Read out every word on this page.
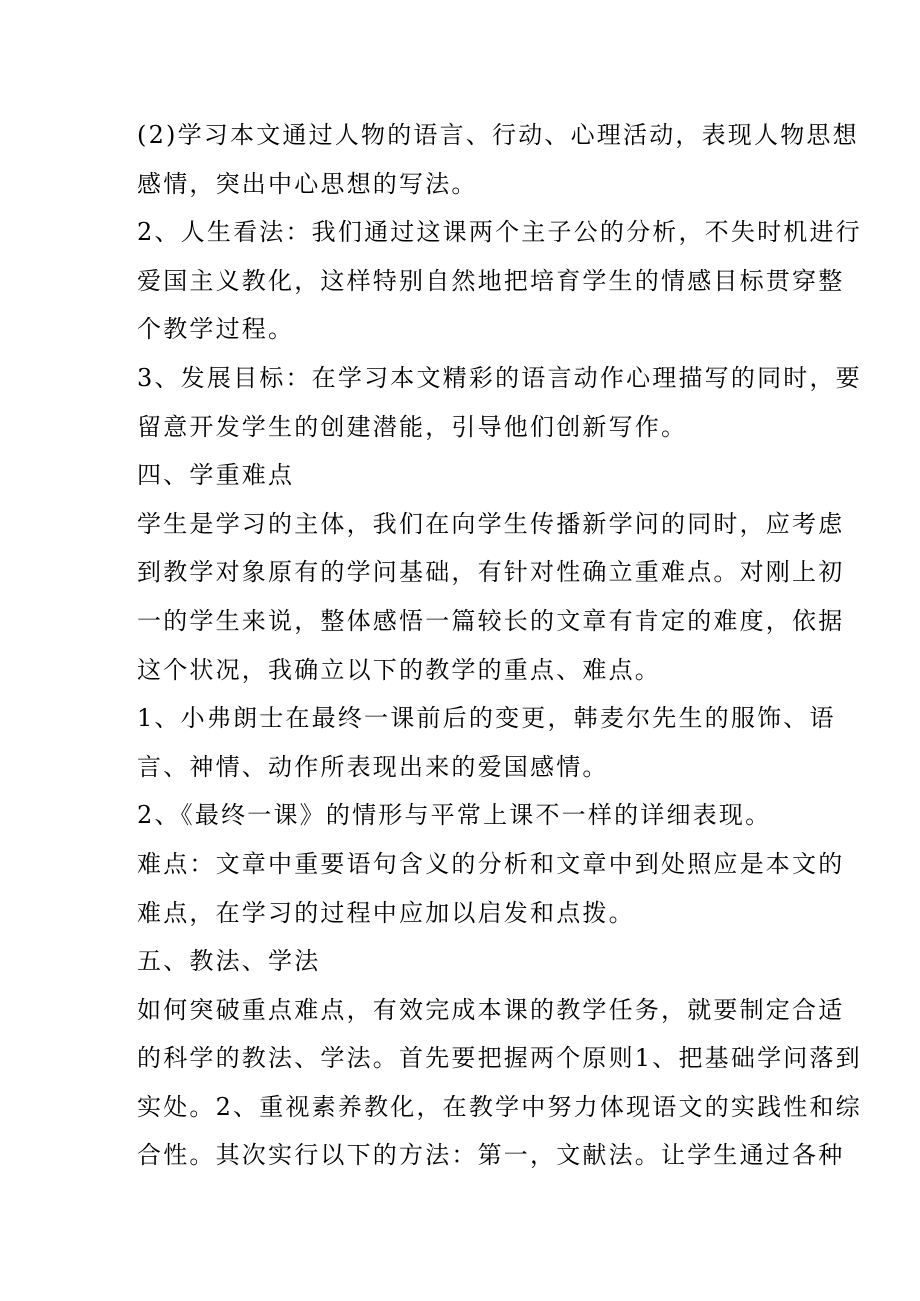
(2)学习本文通过人物的语言、行动、心理活动，表现人物思想
感情，突出中心思想的写法。

2、人生看法：我们通过这课两个主子公的分析，不失时机进行
爱国主义教化，这样特别自然地把培育学生的情感目标贯穿整
个教学过程。

3、发展目标：在学习本文精彩的语言动作心理描写的同时，要
留意开发学生的创建潜能，引导他们创新写作。

四、学重难点

学生是学习的主体，我们在向学生传播新学问的同时，应考虑
到教学对象原有的学问基础，有针对性确立重难点。对刚上初
一的学生来说，整体感悟一篇较长的文章有肯定的难度，依据
这个状况，我确立以下的教学的重点、难点。

1、小弗朗士在最终一课前后的变更，韩麦尔先生的服饰、语
言、神情、动作所表现出来的爱国感情。

2、《最终一课》的情形与平常上课不一样的详细表现。

难点：文章中重要语句含义的分析和文章中到处照应是本文的
难点，在学习的过程中应加以启发和点拨。

五、教法、学法

如何突破重点难点，有效完成本课的教学任务，就要制定合适
的科学的教法、学法。首先要把握两个原则1、把基础学问落到
实处。2、重视素养教化，在教学中努力体现语文的实践性和综
合性。其次实行以下的方法：第一，文献法。让学生通过各种
